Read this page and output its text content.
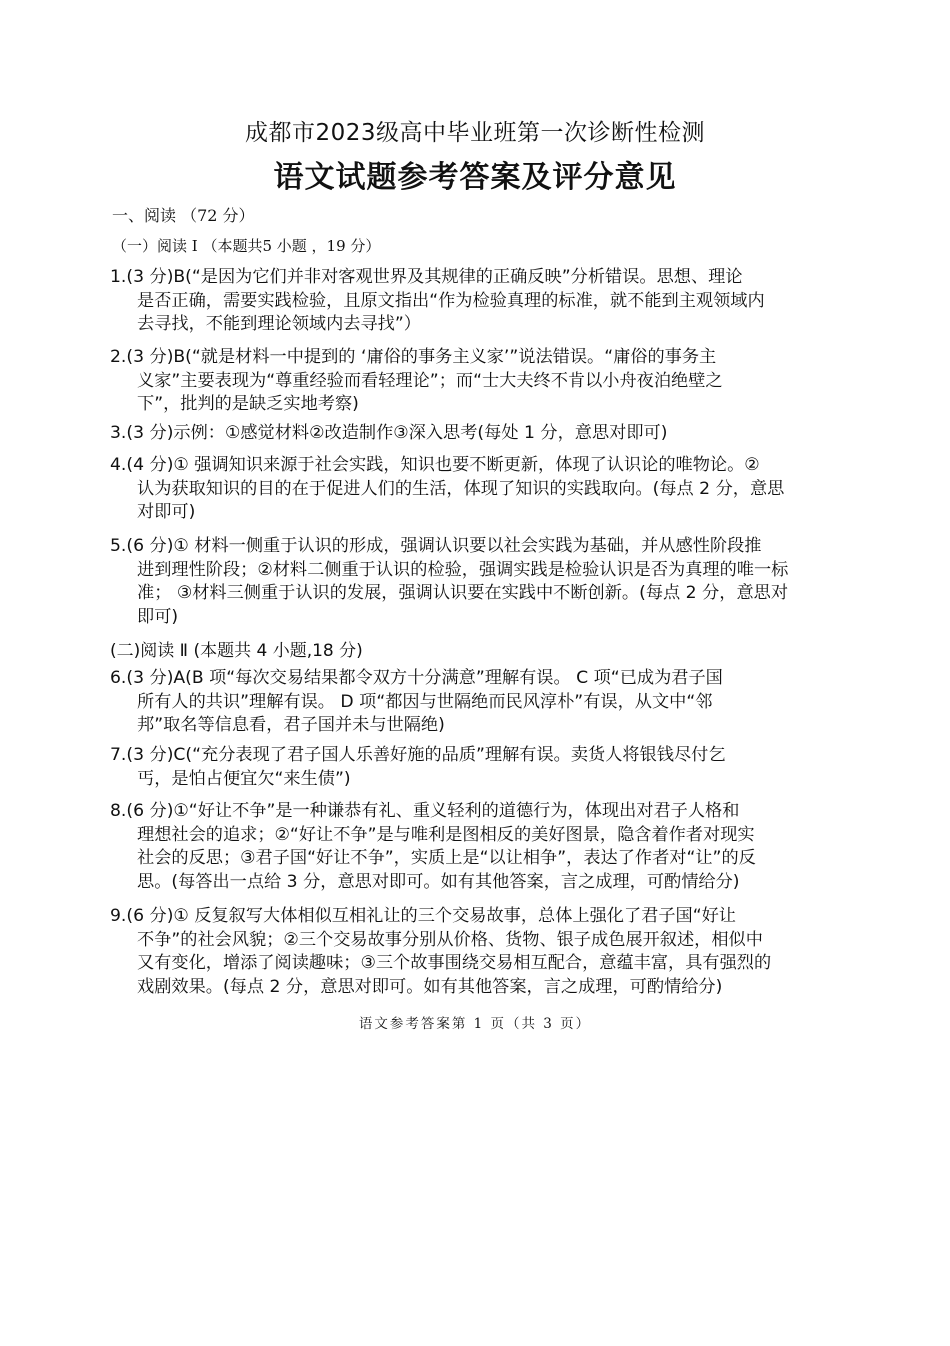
成都市2023级高中毕业班第一次诊断性检测
语文试题参考答案及评分意见
一、阅读 （72 分）
（一）阅读 Ⅰ （本题共5 小题 ，19 分）
1.(3 分)B(“是因为它们并非对客观世界及其规律的正确反映”分析错误。思想、理论
是否正确，需要实践检验，且原文指出“作为检验真理的标准，就不能到主观领域内
去寻找，不能到理论领域内去寻找”）
2.(3 分)B(“就是材料一中提到的 ‘庸俗的事务主义家’”说法错误。“庸俗的事务主
义家”主要表现为“尊重经验而看轻理论”；而“士大夫终不肯以小舟夜泊绝壁之
下”，批判的是缺乏实地考察)
3.(3 分)示例：①感觉材料②改造制作③深入思考(每处 1 分，意思对即可)
4.(4 分)① 强调知识来源于社会实践，知识也要不断更新，体现了认识论的唯物论。②
认为获取知识的目的在于促进人们的生活，体现了知识的实践取向。(每点 2 分，意思
对即可)
5.(6 分)① 材料一侧重于认识的形成，强调认识要以社会实践为基础，并从感性阶段推
进到理性阶段；②材料二侧重于认识的检验，强调实践是检验认识是否为真理的唯一标
准； ③材料三侧重于认识的发展，强调认识要在实践中不断创新。(每点 2 分，意思对
即可)
(二)阅读 Ⅱ (本题共 4 小题,18 分)
6.(3 分)A(B 项“每次交易结果都令双方十分满意”理解有误。 C 项“已成为君子国
所有人的共识”理解有误。 D 项“都因与世隔绝而民风淳朴”有误，从文中“邻
邦”取名等信息看，君子国并未与世隔绝)
7.(3 分)C(“充分表现了君子国人乐善好施的品质”理解有误。卖货人将银钱尽付乞
丐，是怕占便宜欠“来生债”)
8.(6 分)①“好让不争”是一种谦恭有礼、重义轻利的道德行为，体现出对君子人格和
理想社会的追求；②“好让不争”是与唯利是图相反的美好图景，隐含着作者对现实
社会的反思；③君子国“好让不争”，实质上是“以让相争”，表达了作者对“让”的反
思。(每答出一点给 3 分，意思对即可。如有其他答案，言之成理，可酌情给分)
9.(6 分)① 反复叙写大体相似互相礼让的三个交易故事，总体上强化了君子国“好让
不争”的社会风貌；②三个交易故事分别从价格、货物、银子成色展开叙述，相似中
又有变化，增添了阅读趣味；③三个故事围绕交易相互配合，意蕴丰富，具有强烈的
戏剧效果。(每点 2 分，意思对即可。如有其他答案，言之成理，可酌情给分)
语文参考答案第 1 页（共 3 页）
